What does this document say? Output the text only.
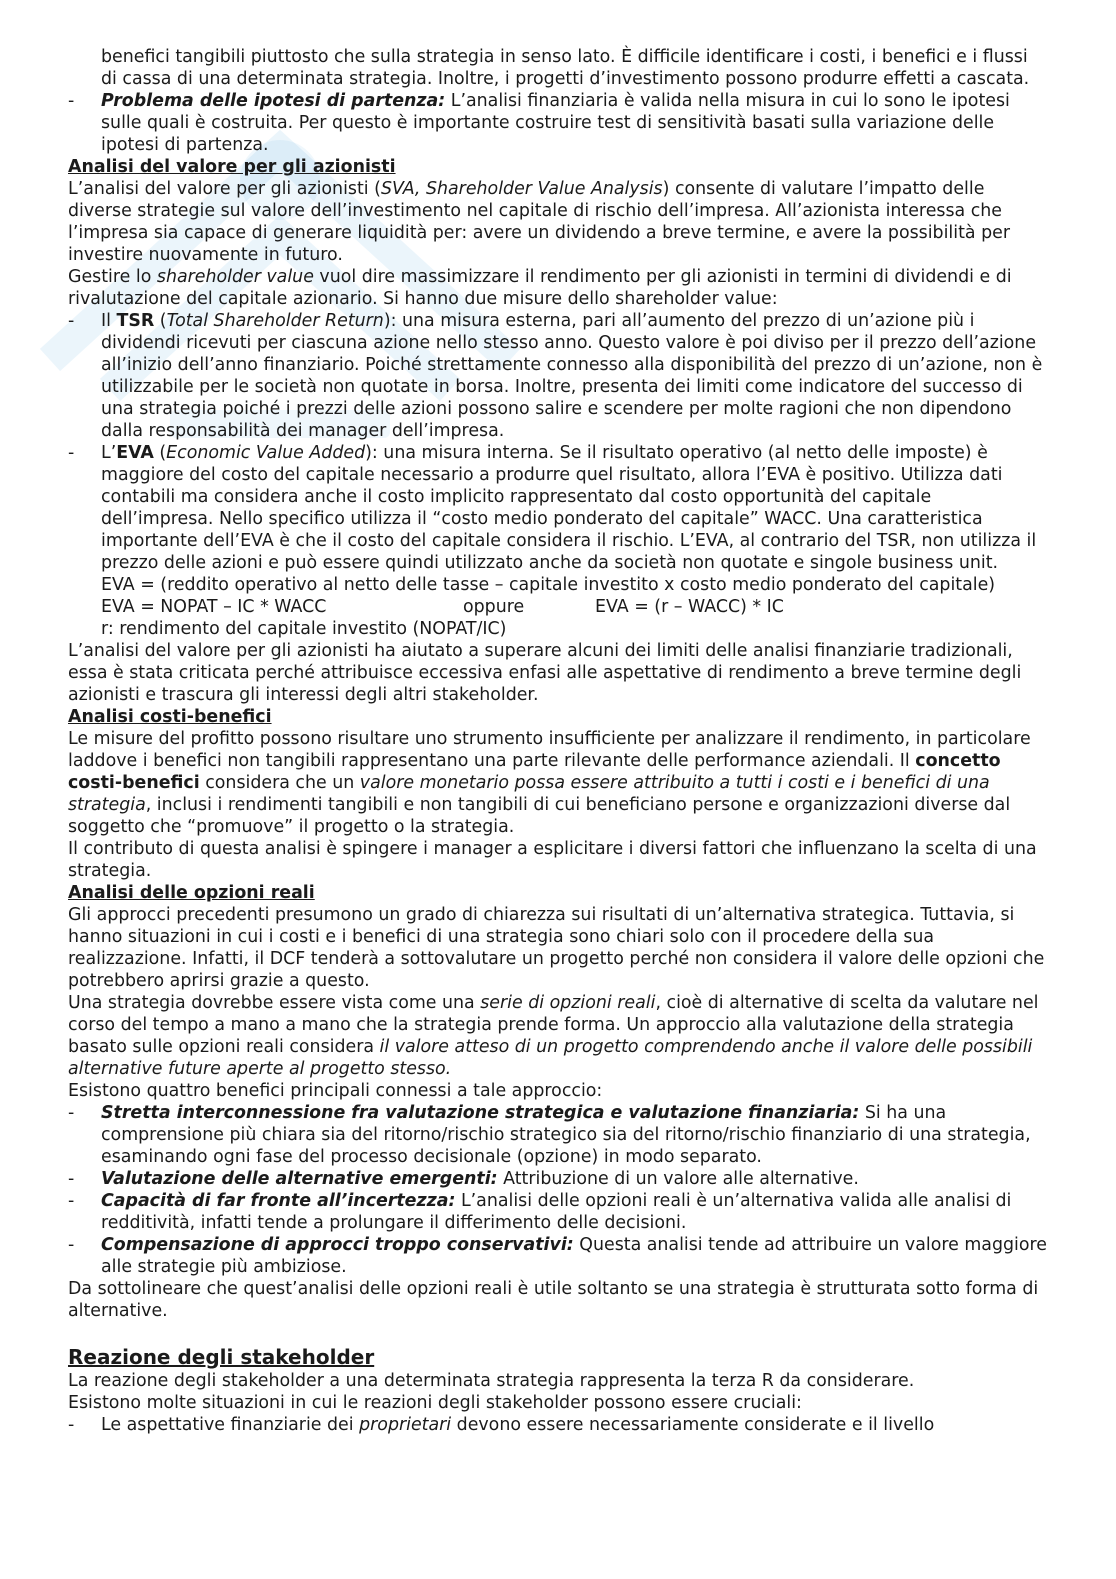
benefici tangibili piuttosto che sulla strategia in senso lato. È difficile identificare i costi, i benefici e i flussi di cassa di una determinata strategia. Inoltre, i progetti d’investimento possono produrre effetti a cascata.

- Problema delle ipotesi di partenza: L’analisi finanziaria è valida nella misura in cui lo sono le ipotesi sulle quali è costruita. Per questo è importante costruire test di sensitività basati sulla variazione delle ipotesi di partenza.

Analisi del valore per gli azionisti

L’analisi del valore per gli azionisti (SVA, Shareholder Value Analysis) consente di valutare l’impatto delle diverse strategie sul valore dell’investimento nel capitale di rischio dell’impresa. All’azionista interessa che l’impresa sia capace di generare liquidità per: avere un dividendo a breve termine, e avere la possibilità per investire nuovamente in futuro.

Gestire lo shareholder value vuol dire massimizzare il rendimento per gli azionisti in termini di dividendi e di rivalutazione del capitale azionario. Si hanno due misure dello shareholder value:

- Il TSR (Total Shareholder Return): una misura esterna, pari all’aumento del prezzo di un’azione più i dividendi ricevuti per ciascuna azione nello stesso anno. Questo valore è poi diviso per il prezzo dell’azione all’inizio dell’anno finanziario. Poiché strettamente connesso alla disponibilità del prezzo di un’azione, non è utilizzabile per le società non quotate in borsa. Inoltre, presenta dei limiti come indicatore del successo di una strategia poiché i prezzi delle azioni possono salire e scendere per molte ragioni che non dipendono dalla responsabilità dei manager dell’impresa.

- L’EVA (Economic Value Added): una misura interna. Se il risultato operativo (al netto delle imposte) è maggiore del costo del capitale necessario a produrre quel risultato, allora l’EVA è positivo. Utilizza dati contabili ma considera anche il costo implicito rappresentato dal costo opportunità del capitale dell’impresa. Nello specifico utilizza il “costo medio ponderato del capitale” WACC. Una caratteristica importante dell’EVA è che il costo del capitale considera il rischio. L’EVA, al contrario del TSR, non utilizza il prezzo delle azioni e può essere quindi utilizzato anche da società non quotate e singole business unit.

EVA = (reddito operativo al netto delle tasse – capitale investito x costo medio ponderato del capitale)

EVA = NOPAT – IC * WACC	oppure	EVA = (r – WACC) * IC

r: rendimento del capitale investito (NOPAT/IC)

L’analisi del valore per gli azionisti ha aiutato a superare alcuni dei limiti delle analisi finanziarie tradizionali, essa è stata criticata perché attribuisce eccessiva enfasi alle aspettative di rendimento a breve termine degli azionisti e trascura gli interessi degli altri stakeholder.

Analisi costi-benefici

Le misure del profitto possono risultare uno strumento insufficiente per analizzare il rendimento, in particolare laddove i benefici non tangibili rappresentano una parte rilevante delle performance aziendali. Il concetto costi-benefici considera che un valore monetario possa essere attribuito a tutti i costi e i benefici di una strategia, inclusi i rendimenti tangibili e non tangibili di cui beneficiano persone e organizzazioni diverse dal soggetto che “promuove” il progetto o la strategia.

Il contributo di questa analisi è spingere i manager a esplicitare i diversi fattori che influenzano la scelta di una strategia.

Analisi delle opzioni reali

Gli approcci precedenti presumono un grado di chiarezza sui risultati di un’alternativa strategica. Tuttavia, si hanno situazioni in cui i costi e i benefici di una strategia sono chiari solo con il procedere della sua realizzazione. Infatti, il DCF tenderà a sottovalutare un progetto perché non considera il valore delle opzioni che potrebbero aprirsi grazie a questo.

Una strategia dovrebbe essere vista come una serie di opzioni reali, cioè di alternative di scelta da valutare nel corso del tempo a mano a mano che la strategia prende forma. Un approccio alla valutazione della strategia basato sulle opzioni reali considera il valore atteso di un progetto comprendendo anche il valore delle possibili alternative future aperte al progetto stesso.

Esistono quattro benefici principali connessi a tale approccio:

- Stretta interconnessione fra valutazione strategica e valutazione finanziaria: Si ha una comprensione più chiara sia del ritorno/rischio strategico sia del ritorno/rischio finanziario di una strategia, esaminando ogni fase del processo decisionale (opzione) in modo separato.

- Valutazione delle alternative emergenti: Attribuzione di un valore alle alternative.

- Capacità di far fronte all’incertezza: L’analisi delle opzioni reali è un’alternativa valida alle analisi di redditività, infatti tende a prolungare il differimento delle decisioni.

- Compensazione di approcci troppo conservativi: Questa analisi tende ad attribuire un valore maggiore alle strategie più ambiziose.

Da sottolineare che quest’analisi delle opzioni reali è utile soltanto se una strategia è strutturata sotto forma di alternative.

Reazione degli stakeholder

La reazione degli stakeholder a una determinata strategia rappresenta la terza R da considerare.

Esistono molte situazioni in cui le reazioni degli stakeholder possono essere cruciali:

- Le aspettative finanziarie dei proprietari devono essere necessariamente considerate e il livello
